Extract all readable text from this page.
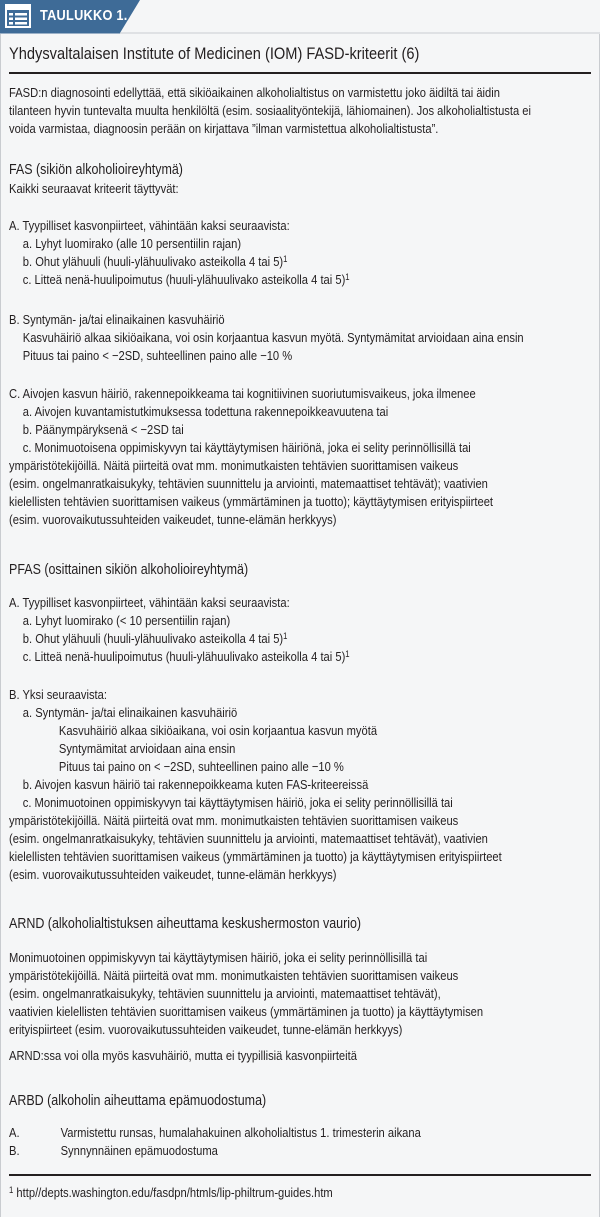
TAULUKKO 1.
Yhdysvaltalaisen Institute of Medicinen (IOM) FASD-kriteerit (6)
FASD:n diagnosointi edellyttää, että sikiöaikainen alkoholialtistus on varmistettu joko äidiltä tai äidin
tilanteen hyvin tuntevalta muulta henkilöltä (esim. sosiaalityöntekijä, lähiomainen). Jos alkoholialtistusta ei
voida varmistaa, diagnoosin perään on kirjattava ”ilman varmistettua alkoholialtistusta”.
FAS (sikiön alkoholioireyhtymä)
Kaikki seuraavat kriteerit täyttyvät:
A. Tyypilliset kasvonpiirteet, vähintään kaksi seuraavista:
a. Lyhyt luomirako (alle 10 persentiilin rajan)
b. Ohut ylähuuli (huuli-ylähuulivako asteikolla 4 tai 5)$^1$
c. Litteä nenä-huulipoimutus (huuli-ylähuulivako asteikolla 4 tai 5)$^1$
B. Syntymän- ja/tai elinaikainen kasvuhäiriö
Kasvuhäiriö alkaa sikiöaikana, voi osin korjaantua kasvun myötä. Syntymämitat arvioidaan aina ensin
Pituus tai paino < −2SD, suhteellinen paino alle −10 %
C. Aivojen kasvun häiriö, rakennepoikkeama tai kognitiivinen suoriutumisvaikeus, joka ilmenee
a. Aivojen kuvantamistutkimuksessa todettuna rakennepoikkeavuutena tai
b. Päänympäryksenä < −2SD tai
c. Monimuotoisena oppimiskyvyn tai käyttäytymisen häiriönä, joka ei selity perinnöllisillä tai
ympäristötekijöillä. Näitä piirteitä ovat mm. monimutkaisten tehtävien suorittamisen vaikeus
(esim. ongelmanratkaisukyky, tehtävien suunnittelu ja arviointi, matemaattiset tehtävät); vaativien
kielellisten tehtävien suorittamisen vaikeus (ymmärtäminen ja tuotto); käyttäytymisen erityispiirteet
(esim. vuorovaikutussuhteiden vaikeudet, tunne-elämän herkkyys)
PFAS (osittainen sikiön alkoholioireyhtymä)
A. Tyypilliset kasvonpiirteet, vähintään kaksi seuraavista:
a. Lyhyt luomirako (< 10 persentiilin rajan)
b. Ohut ylähuuli (huuli-ylähuulivako asteikolla 4 tai 5)$^1$
c. Litteä nenä-huulipoimutus (huuli-ylähuulivako asteikolla 4 tai 5)$^1$
B. Yksi seuraavista:
a. Syntymän- ja/tai elinaikainen kasvuhäiriö
Kasvuhäiriö alkaa sikiöaikana, voi osin korjaantua kasvun myötä
Syntymämitat arvioidaan aina ensin
Pituus tai paino on < −2SD, suhteellinen paino alle −10 %
b. Aivojen kasvun häiriö tai rakennepoikkeama kuten FAS-kriteereissä
c. Monimuotoinen oppimiskyvyn tai käyttäytymisen häiriö, joka ei selity perinnöllisillä tai
ympäristötekijöillä. Näitä piirteitä ovat mm. monimutkaisten tehtävien suorittamisen vaikeus
(esim. ongelmanratkaisukyky, tehtävien suunnittelu ja arviointi, matemaattiset tehtävät), vaativien
kielellisten tehtävien suorittamisen vaikeus (ymmärtäminen ja tuotto) ja käyttäytymisen erityispiirteet
(esim. vuorovaikutussuhteiden vaikeudet, tunne-elämän herkkyys)
ARND (alkoholialtistuksen aiheuttama keskushermoston vaurio)
Monimuotoinen oppimiskyvyn tai käyttäytymisen häiriö, joka ei selity perinnöllisillä tai
ympäristötekijöillä. Näitä piirteitä ovat mm. monimutkaisten tehtävien suorittamisen vaikeus
(esim. ongelmanratkaisukyky, tehtävien suunnittelu ja arviointi, matemaattiset tehtävät),
vaativien kielellisten tehtävien suorittamisen vaikeus (ymmärtäminen ja tuotto) ja käyttäytymisen
erityispiirteet (esim. vuorovaikutussuhteiden vaikeudet, tunne-elämän herkkyys)
ARND:ssa voi olla myös kasvuhäiriö, mutta ei tyypillisiä kasvonpiirteitä
ARBD (alkoholin aiheuttama epämuodostuma)
A.	Varmistettu runsas, humalahakuinen alkoholialtistus 1. trimesterin aikana
B.	Synnynnäinen epämuodostuma
$^1$ http//depts.washington.edu/fasdpn/htmls/lip-philtrum-guides.htm
